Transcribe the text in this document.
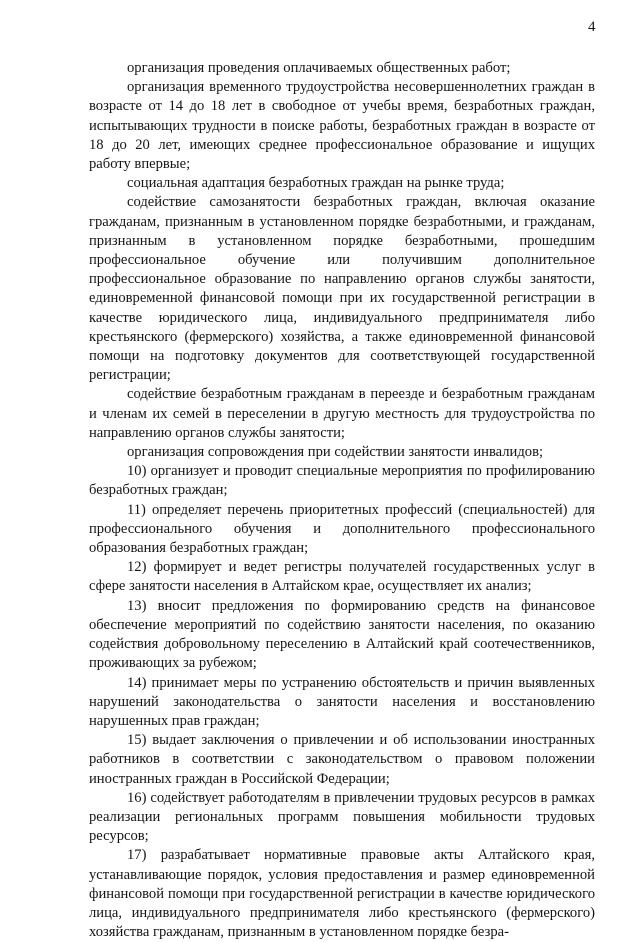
4

организация проведения оплачиваемых общественных работ;

организация временного трудоустройства несовершеннолетних граждан в возрасте от 14 до 18 лет в свободное от учебы время, безработных граждан, испытывающих трудности в поиске работы, безработных граждан в возрасте от 18 до 20 лет, имеющих среднее профессиональное образование и ищущих работу впервые;

социальная адаптация безработных граждан на рынке труда;

содействие самозанятости безработных граждан, включая оказание гражданам, признанным в установленном порядке безработными, и гражданам, признанным в установленном порядке безработными, прошедшим профессиональное обучение или получившим дополнительное профессиональное образование по направлению органов службы занятости, единовременной финансовой помощи при их государственной регистрации в качестве юридического лица, индивидуального предпринимателя либо крестьянского (фермерского) хозяйства, а также единовременной финансовой помощи на подготовку документов для соответствующей государственной регистрации;

содействие безработным гражданам в переезде и безработным гражданам и членам их семей в переселении в другую местность для трудоустройства по направлению органов службы занятости;

организация сопровождения при содействии занятости инвалидов;

10) организует и проводит специальные мероприятия по профилированию безработных граждан;

11) определяет перечень приоритетных профессий (специальностей) для профессионального обучения и дополнительного профессионального образования безработных граждан;

12) формирует и ведет регистры получателей государственных услуг в сфере занятости населения в Алтайском крае, осуществляет их анализ;

13) вносит предложения по формированию средств на финансовое обеспечение мероприятий по содействию занятости населения, по оказанию содействия добровольному переселению в Алтайский край соотечественников, проживающих за рубежом;

14) принимает меры по устранению обстоятельств и причин выявленных нарушений законодательства о занятости населения и восстановлению нарушенных прав граждан;

15) выдает заключения о привлечении и об использовании иностранных работников в соответствии с законодательством о правовом положении иностранных граждан в Российской Федерации;

16) содействует работодателям в привлечении трудовых ресурсов в рамках реализации региональных программ повышения мобильности трудовых ресурсов;

17) разрабатывает нормативные правовые акты Алтайского края, устанавливающие порядок, условия предоставления и размер единовременной финансовой помощи при государственной регистрации в качестве юридического лица, индивидуального предпринимателя либо крестьянского (фермерского) хозяйства гражданам, признанным в установленном порядке безра-
